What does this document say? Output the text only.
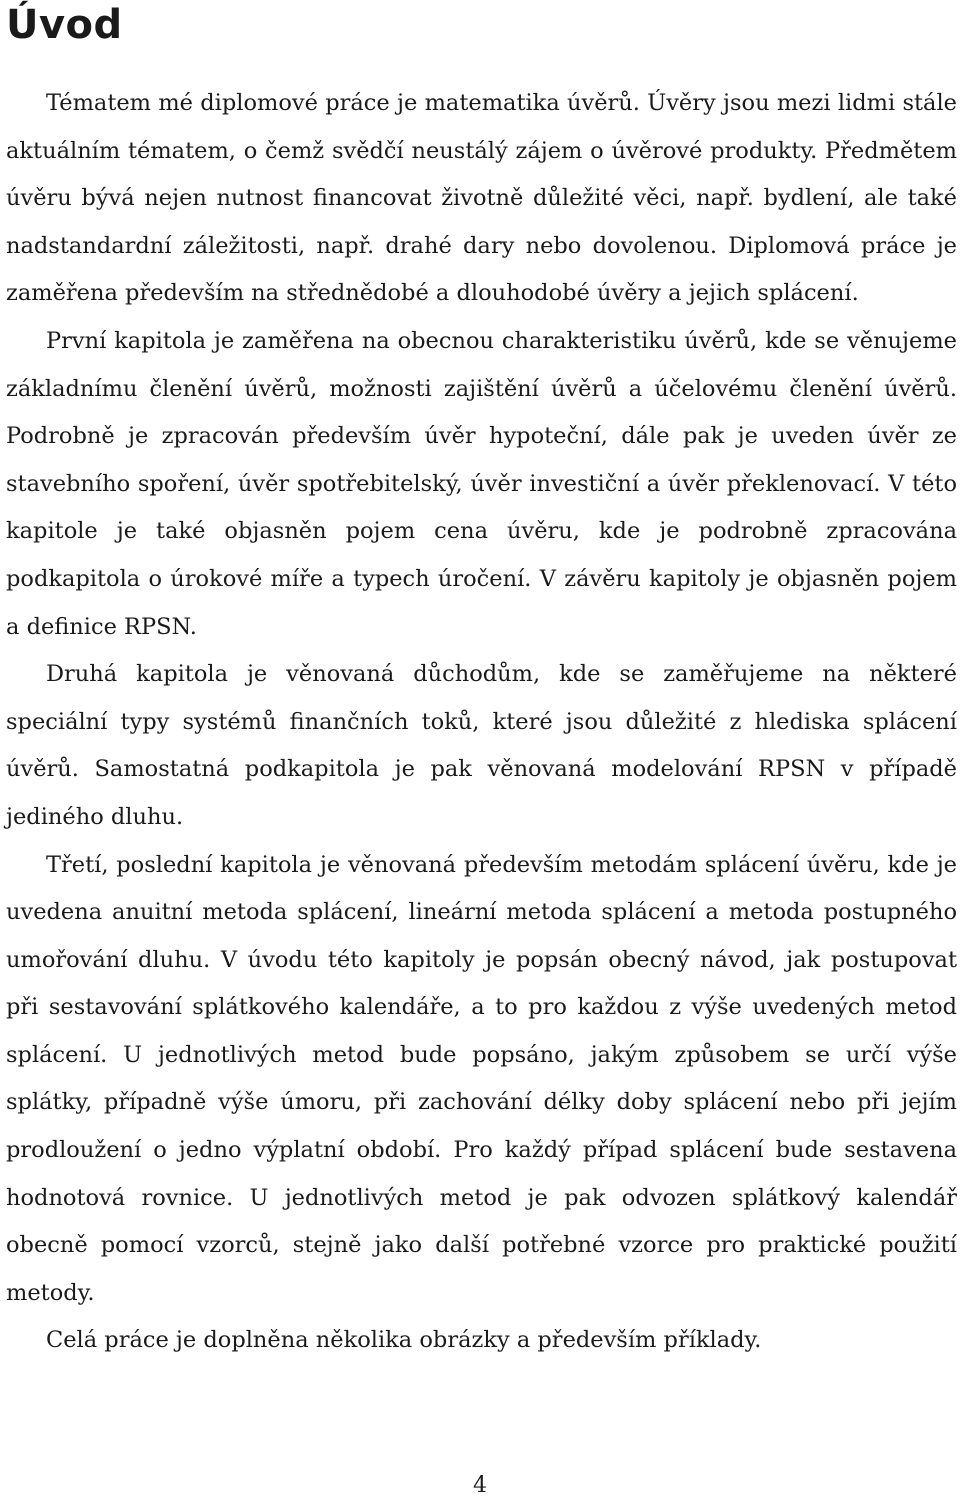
Úvod

Tématem mé diplomové práce je matematika úvěrů. Úvěry jsou mezi lidmi stále aktuálním tématem, o čemž svědčí neustálý zájem o úvěrové produkty. Předmětem úvěru bývá nejen nutnost financovat životně důležité věci, např. bydlení, ale také nadstandardní záležitosti, např. drahé dary nebo dovolenou. Diplomová práce je zaměřena především na střednědobé a dlouhodobé úvěry a jejich splácení.

První kapitola je zaměřena na obecnou charakteristiku úvěrů, kde se věnujeme základnímu členění úvěrů, možnosti zajištění úvěrů a účelovému členění úvěrů. Podrobně je zpracován především úvěr hypoteční, dále pak je uveden úvěr ze stavebního spoření, úvěr spotřebitelský, úvěr investiční a úvěr překlenovací. V této kapitole je také objasněn pojem cena úvěru, kde je podrobně zpracována podkapitola o úrokové míře a typech úročení. V závěru kapitoly je objasněn pojem a definice RPSN.

Druhá kapitola je věnovaná důchodům, kde se zaměřujeme na některé speciální typy systémů finančních toků, které jsou důležité z hlediska splácení úvěrů. Samostatná podkapitola je pak věnovaná modelování RPSN v případě jediného dluhu.

Třetí, poslední kapitola je věnovaná především metodám splácení úvěru, kde je uvedena anuitní metoda splácení, lineární metoda splácení a metoda postupného umořování dluhu. V úvodu této kapitoly je popsán obecný návod, jak postupovat při sestavování splátkového kalendáře, a to pro každou z výše uvedených metod splácení. U jednotlivých metod bude popsáno, jakým způsobem se určí výše splátky, případně výše úmoru, při zachování délky doby splácení nebo při jejím prodloužení o jedno výplatní období. Pro každý případ splácení bude sestavena hodnotová rovnice. U jednotlivých metod je pak odvozen splátkový kalendář obecně pomocí vzorců, stejně jako další potřebné vzorce pro praktické použití metody.

Celá práce je doplněna několika obrázky a především příklady.

4
